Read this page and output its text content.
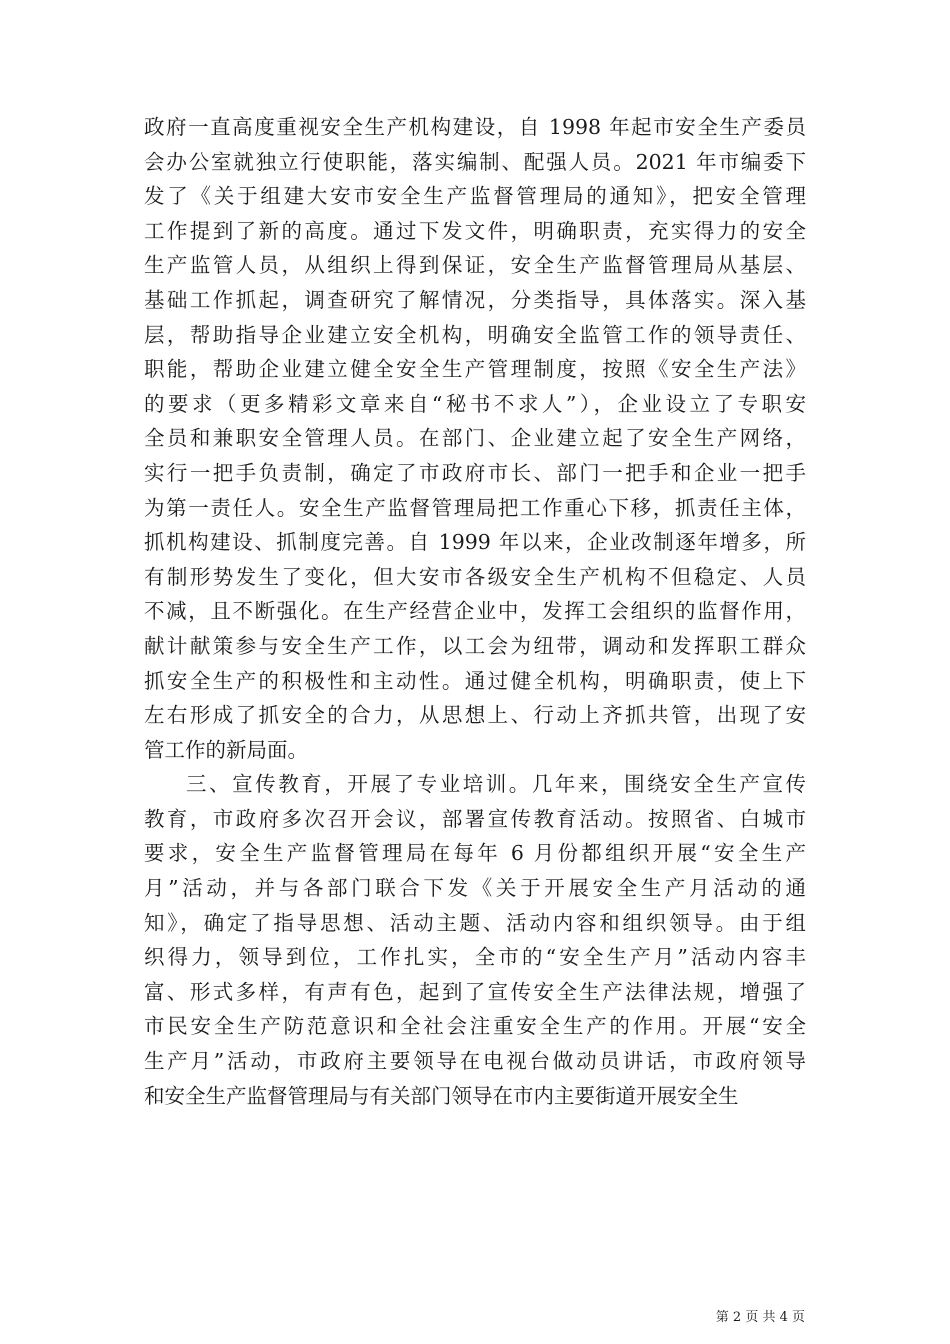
政府一直高度重视安全生产机构建设，自 1998 年起市安全生产委员
会办公室就独立行使职能，落实编制、配强人员。2021 年市编委下
发了《关于组建大安市安全生产监督管理局的通知》，把安全管理
工作提到了新的高度。通过下发文件，明确职责，充实得力的安全
生产监管人员，从组织上得到保证，安全生产监督管理局从基层、
基础工作抓起，调查研究了解情况，分类指导，具体落实。深入基
层，帮助指导企业建立安全机构，明确安全监管工作的领导责任、
职能，帮助企业建立健全安全生产管理制度，按照《安全生产法》
的要求（更多精彩文章来自“秘书不求人”），企业设立了专职安
全员和兼职安全管理人员。在部门、企业建立起了安全生产网络，
实行一把手负责制，确定了市政府市长、部门一把手和企业一把手
为第一责任人。安全生产监督管理局把工作重心下移，抓责任主体，
抓机构建设、抓制度完善。自 1999 年以来，企业改制逐年增多，所
有制形势发生了变化，但大安市各级安全生产机构不但稳定、人员
不减，且不断强化。在生产经营企业中，发挥工会组织的监督作用，
献计献策参与安全生产工作，以工会为纽带，调动和发挥职工群众
抓安全生产的积极性和主动性。通过健全机构，明确职责，使上下
左右形成了抓安全的合力，从思想上、行动上齐抓共管，出现了安
管工作的新局面。
三、宣传教育，开展了专业培训。几年来，围绕安全生产宣传
教育，市政府多次召开会议，部署宣传教育活动。按照省、白城市
要求，安全生产监督管理局在每年 6 月份都组织开展“安全生产
月”活动，并与各部门联合下发《关于开展安全生产月活动的通
知》，确定了指导思想、活动主题、活动内容和组织领导。由于组
织得力，领导到位，工作扎实，全市的“安全生产月”活动内容丰
富、形式多样，有声有色，起到了宣传安全生产法律法规，增强了
市民安全生产防范意识和全社会注重安全生产的作用。开展“安全
生产月”活动，市政府主要领导在电视台做动员讲话，市政府领导
和安全生产监督管理局与有关部门领导在市内主要街道开展安全生
第 2 页 共 4 页
